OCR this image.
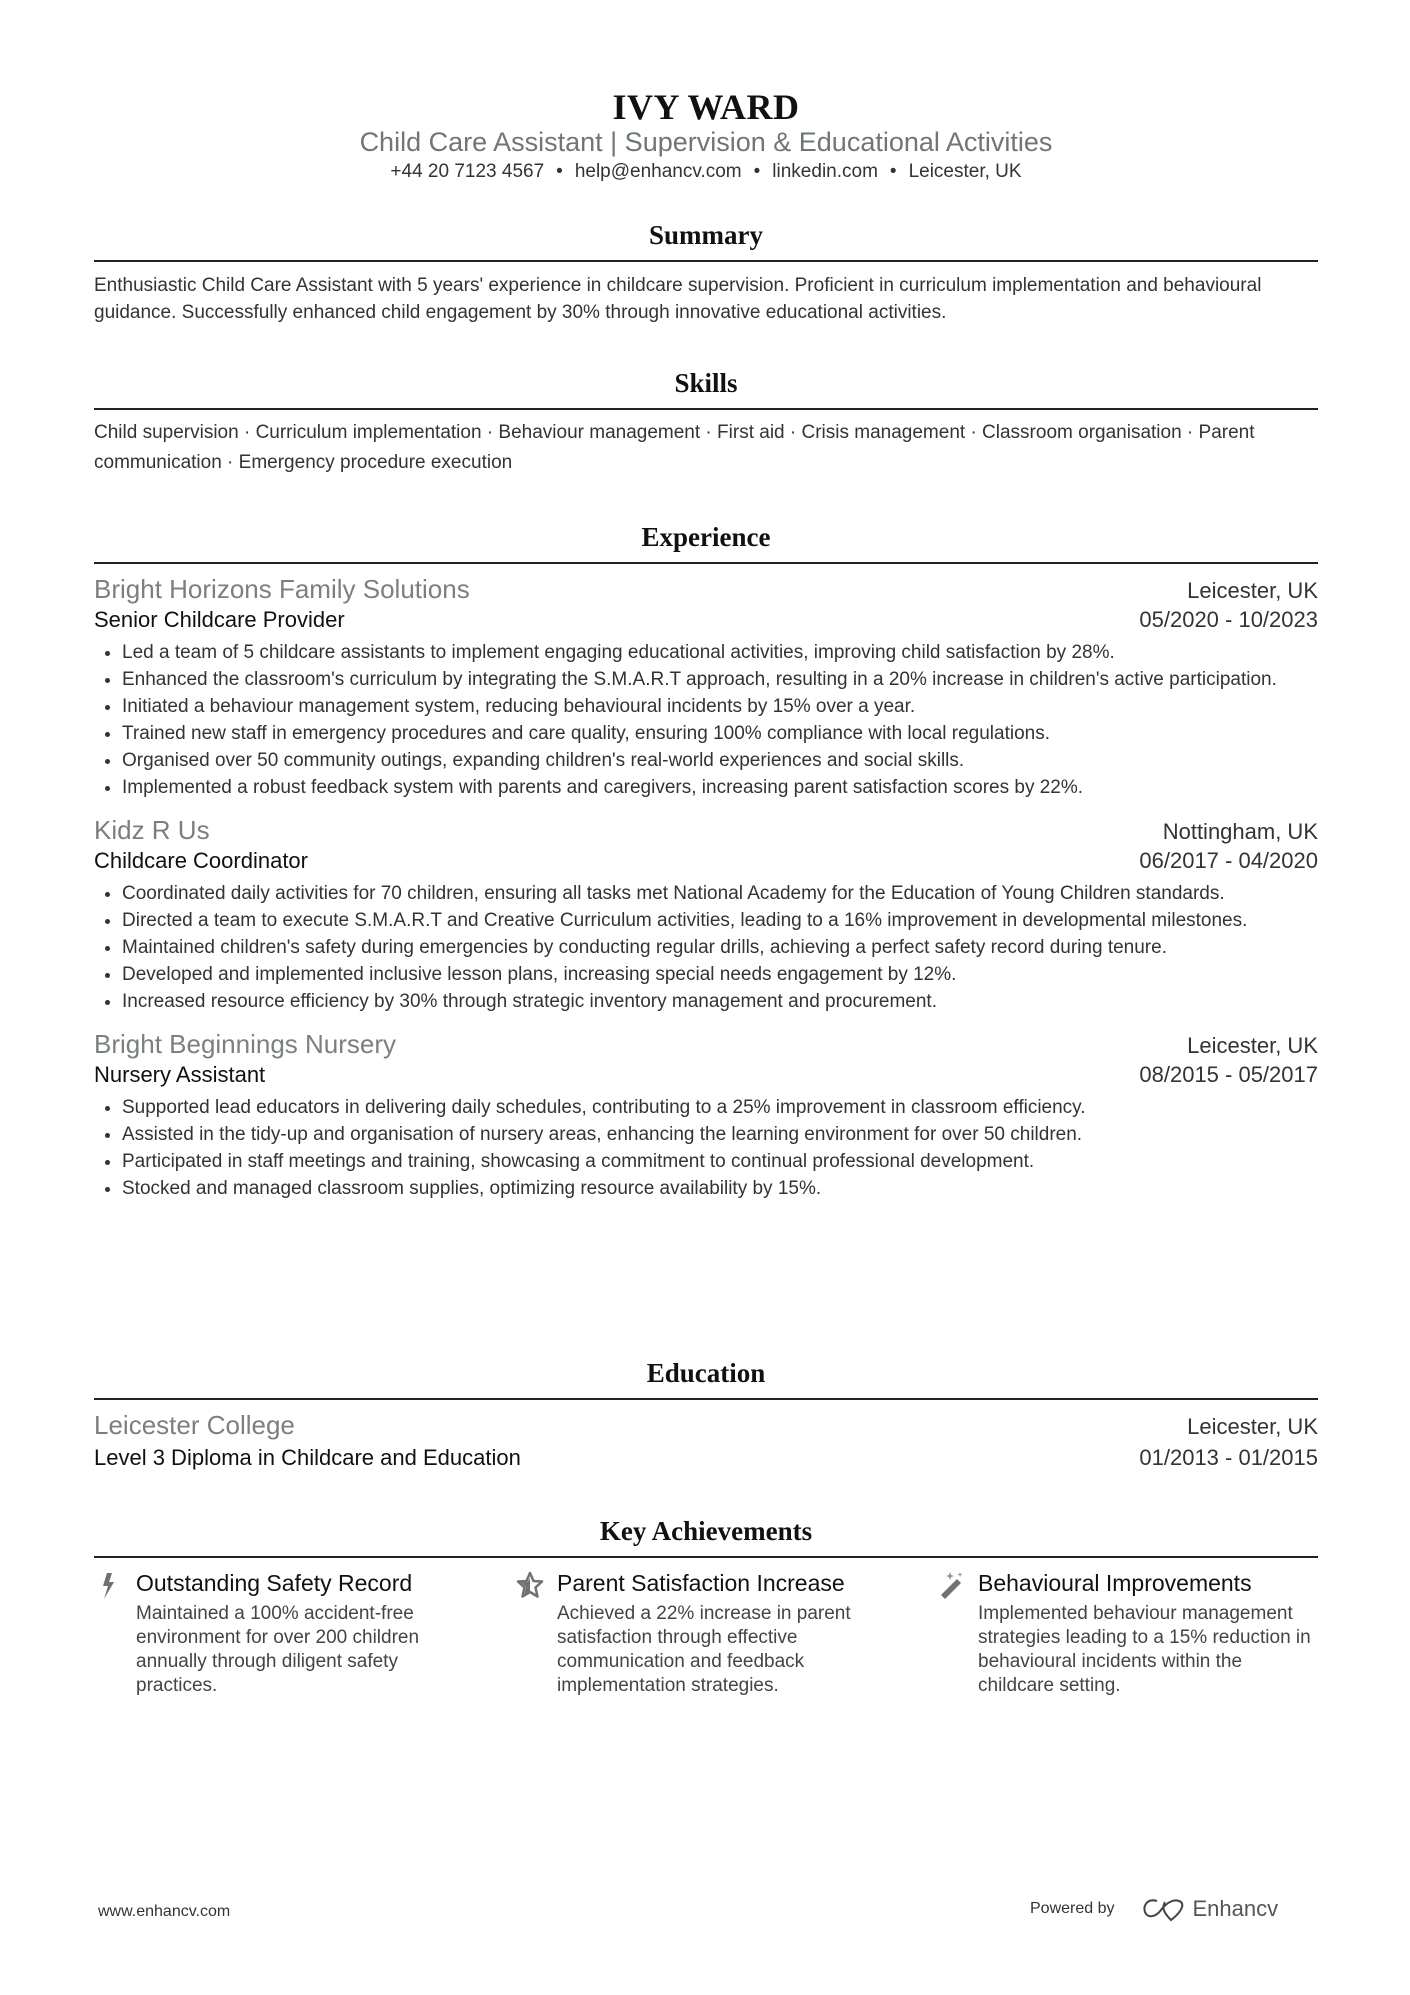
IVY WARD
Child Care Assistant | Supervision & Educational Activities
+44 20 7123 4567 • help@enhancv.com • linkedin.com • Leicester, UK
Summary
Enthusiastic Child Care Assistant with 5 years' experience in childcare supervision. Proficient in curriculum implementation and behavioural guidance. Successfully enhanced child engagement by 30% through innovative educational activities.
Skills
Child supervision · Curriculum implementation · Behaviour management · First aid · Crisis management · Classroom organisation · Parent communication · Emergency procedure execution
Experience
Bright Horizons Family Solutions	Leicester, UK
Senior Childcare Provider	05/2020 - 10/2023
• Led a team of 5 childcare assistants to implement engaging educational activities, improving child satisfaction by 28%.
• Enhanced the classroom's curriculum by integrating the S.M.A.R.T approach, resulting in a 20% increase in children's active participation.
• Initiated a behaviour management system, reducing behavioural incidents by 15% over a year.
• Trained new staff in emergency procedures and care quality, ensuring 100% compliance with local regulations.
• Organised over 50 community outings, expanding children's real-world experiences and social skills.
• Implemented a robust feedback system with parents and caregivers, increasing parent satisfaction scores by 22%.
Kidz R Us	Nottingham, UK
Childcare Coordinator	06/2017 - 04/2020
• Coordinated daily activities for 70 children, ensuring all tasks met National Academy for the Education of Young Children standards.
• Directed a team to execute S.M.A.R.T and Creative Curriculum activities, leading to a 16% improvement in developmental milestones.
• Maintained children's safety during emergencies by conducting regular drills, achieving a perfect safety record during tenure.
• Developed and implemented inclusive lesson plans, increasing special needs engagement by 12%.
• Increased resource efficiency by 30% through strategic inventory management and procurement.
Bright Beginnings Nursery	Leicester, UK
Nursery Assistant	08/2015 - 05/2017
• Supported lead educators in delivering daily schedules, contributing to a 25% improvement in classroom efficiency.
• Assisted in the tidy-up and organisation of nursery areas, enhancing the learning environment for over 50 children.
• Participated in staff meetings and training, showcasing a commitment to continual professional development.
• Stocked and managed classroom supplies, optimizing resource availability by 15%.
Education
Leicester College	Leicester, UK
Level 3 Diploma in Childcare and Education	01/2013 - 01/2015
Key Achievements
Outstanding Safety Record
Maintained a 100% accident-free environment for over 200 children annually through diligent safety practices.
Parent Satisfaction Increase
Achieved a 22% increase in parent satisfaction through effective communication and feedback implementation strategies.
Behavioural Improvements
Implemented behaviour management strategies leading to a 15% reduction in behavioural incidents within the childcare setting.
www.enhancv.com	Powered by	Enhancv
